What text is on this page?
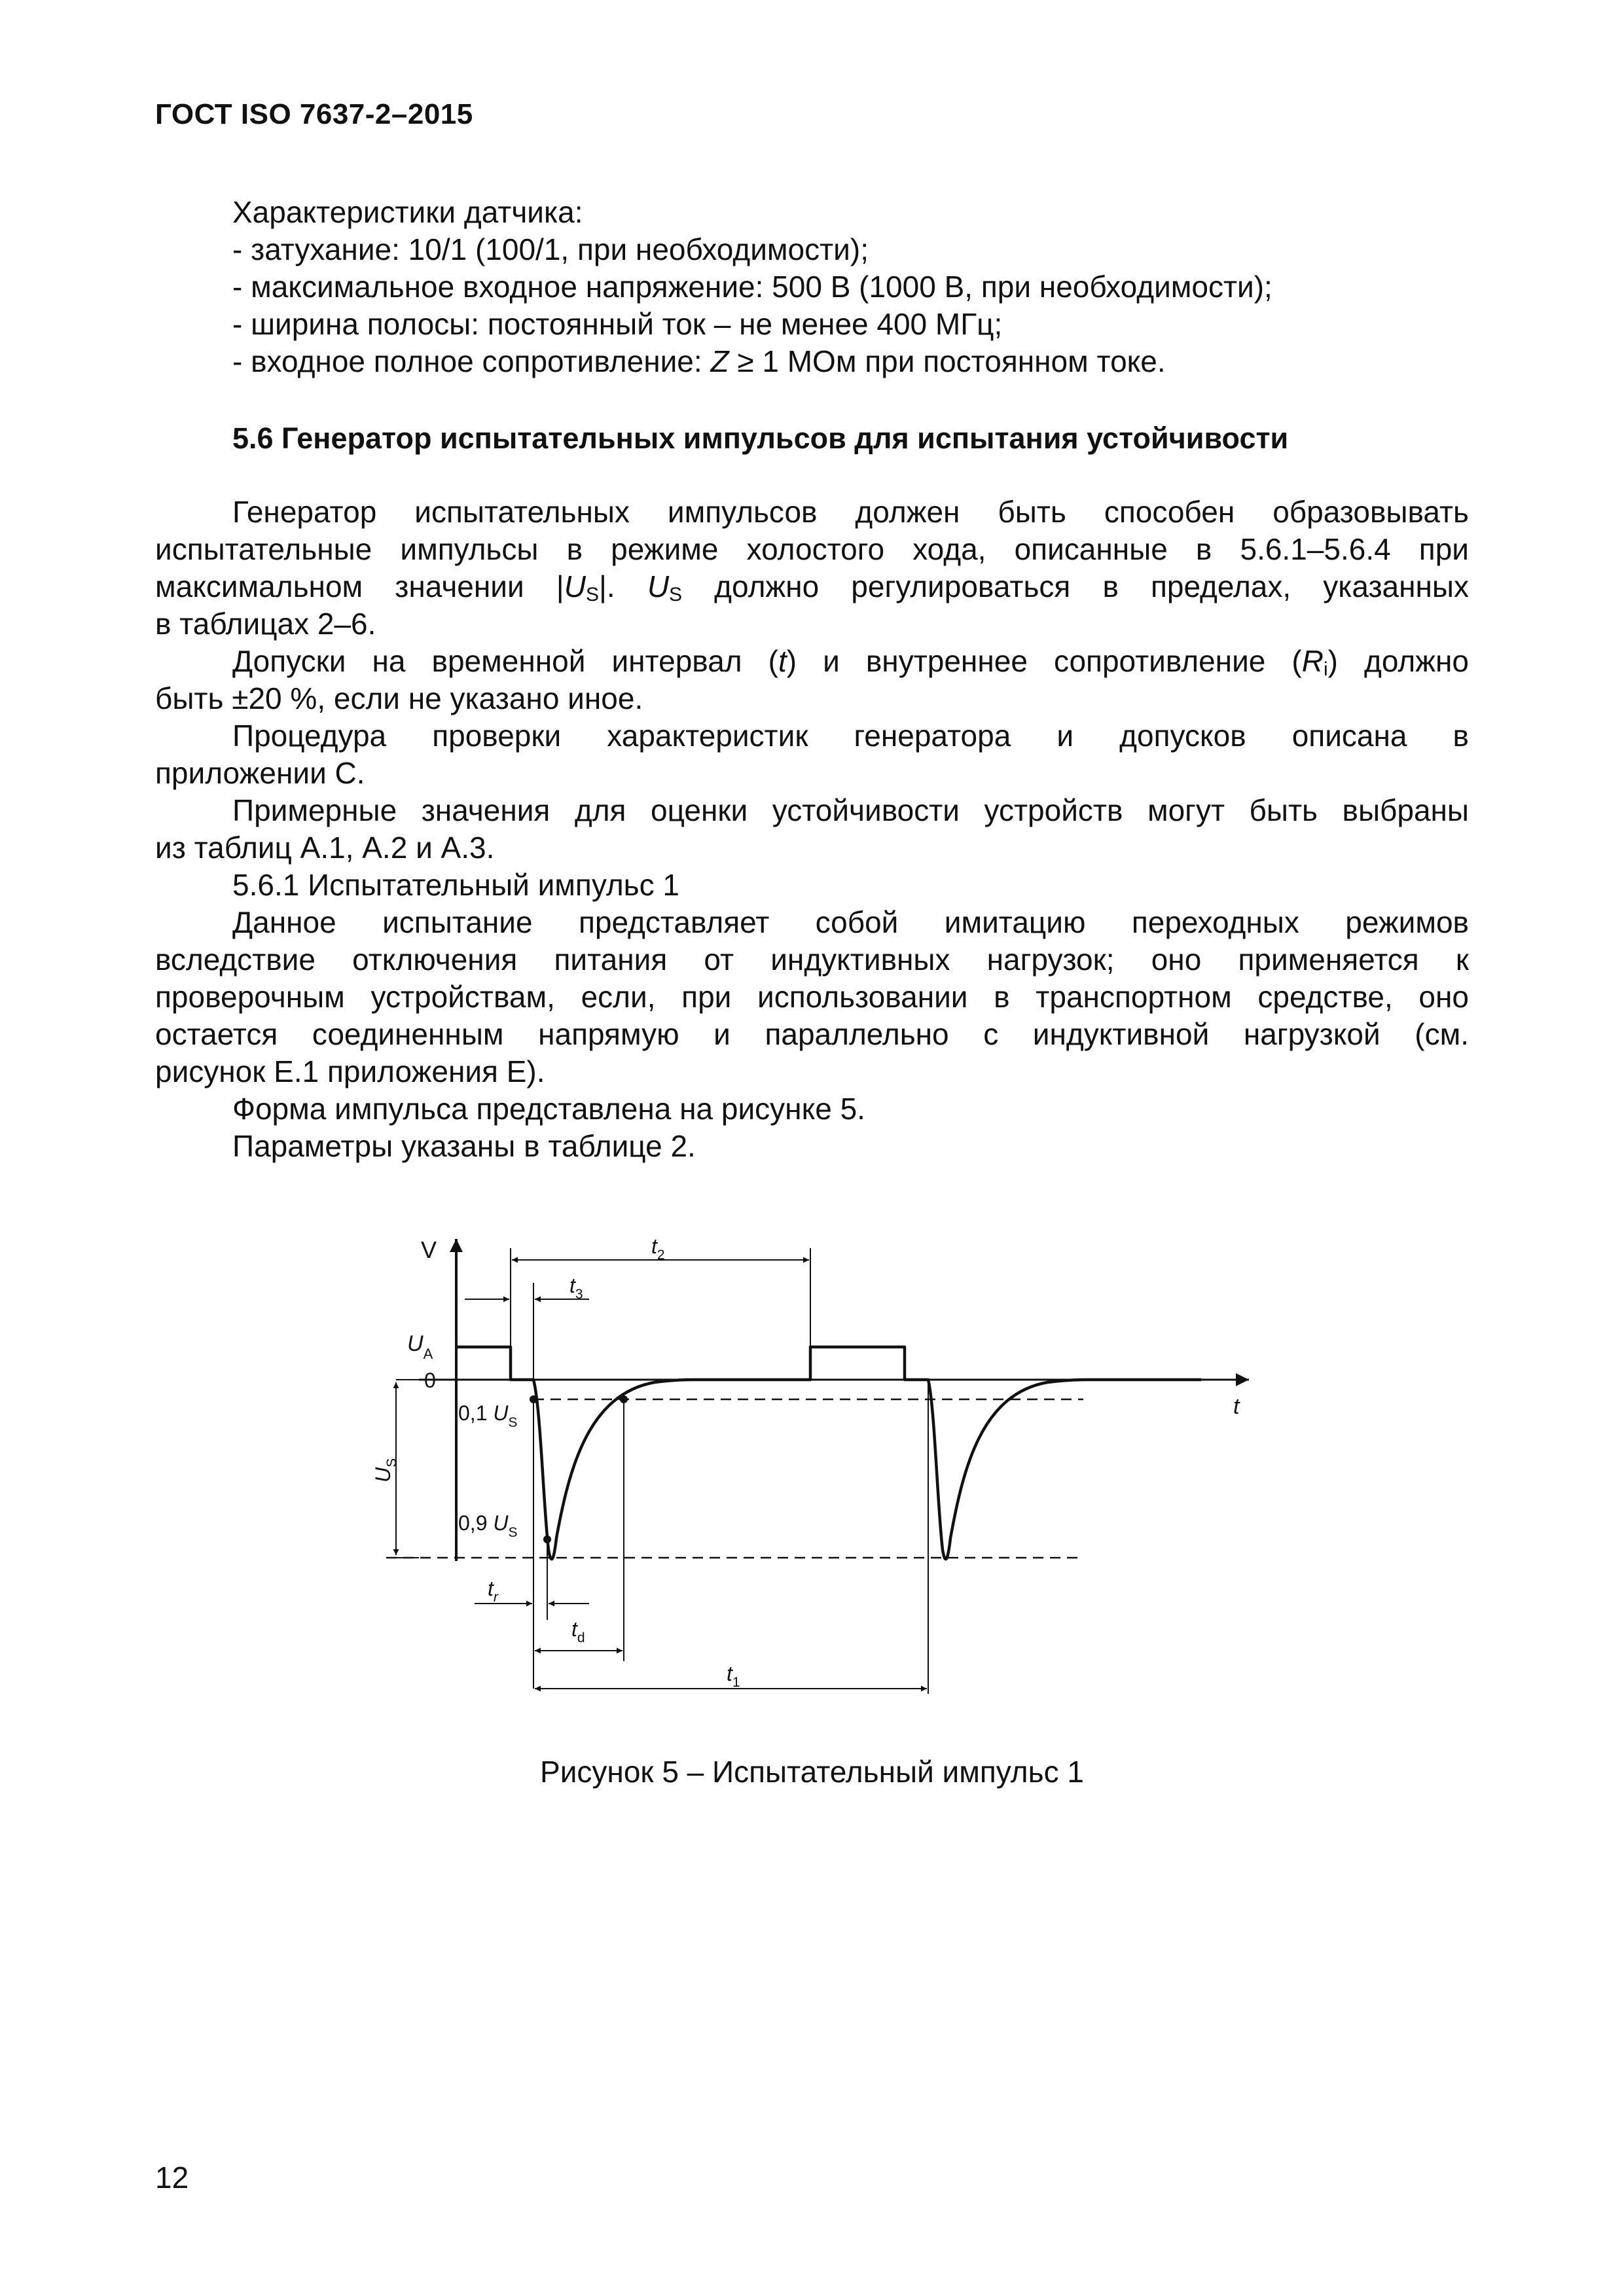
ГОСТ ISO 7637-2–2015
Характеристики датчика:
- затухание: 10/1 (100/1, при необходимости);
- максимальное входное напряжение: 500 В (1000 В, при необходимости);
- ширина полосы: постоянный ток – не менее 400 МГц;
- входное полное сопротивление: Z ≥ 1 МОм при постоянном токе.
5.6 Генератор испытательных импульсов для испытания устойчивости
Генератор испытательных импульсов должен быть способен образовывать
испытательные импульсы в режиме холостого хода, описанные в 5.6.1–5.6.4 при
максимальном значении $|U_S|$. $U_S$ должно регулироваться в пределах, указанных
в таблицах 2–6.
Допуски на временной интервал (t) и внутреннее сопротивление $(R_i)$ должно
быть ±20 %, если не указано иное.
Процедура проверки характеристик генератора и допусков описана в
приложении С.
Примерные значения для оценки устойчивости устройств могут быть выбраны
из таблиц А.1, А.2 и А.3.
5.6.1 Испытательный импульс 1
Данное испытание представляет собой имитацию переходных режимов
вследствие отключения питания от индуктивных нагрузок; оно применяется к
проверочным устройствам, если, при использовании в транспортном средстве, оно
остается соединенным напрямую и параллельно с индуктивной нагрузкой (см.
рисунок Е.1 приложения Е).
Форма импульса представлена на рисунке 5.
Параметры указаны в таблице 2.
V
t
$U_A$
0
0,1 $U_S$
0,9 $U_S$
$U_S$
$t_2$
$t_3$
$t_r$
$t_d$
$t_1$
Рисунок 5 – Испытательный импульс 1
12
